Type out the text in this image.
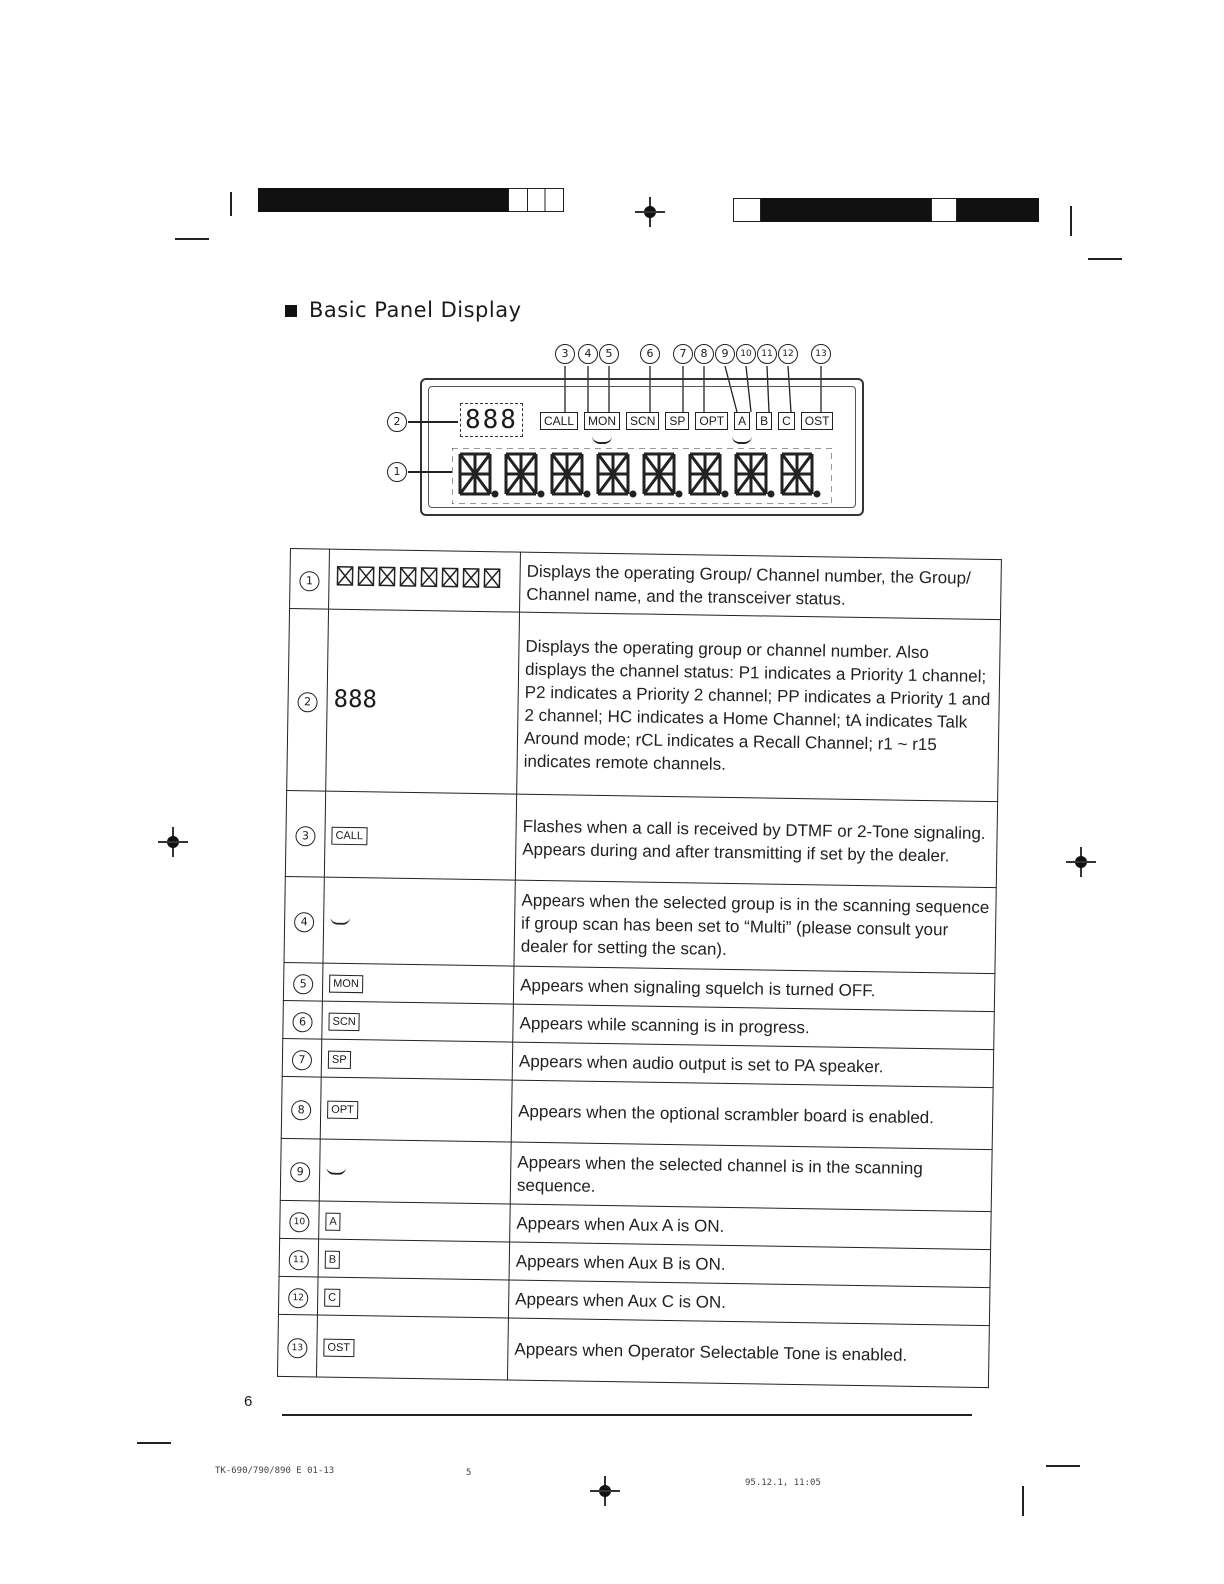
Basic Panel Display
3	4	5	6	7	8	9	10	11	12	13
2
1
888	CALL MON SCN SP OPT A B C OST
1		Displays the operating Group/ Channel number, the Group/ Channel name, and the transceiver status.
2	888	Displays the operating group or channel number. Also displays the channel status: P1 indicates a Priority 1 channel; P2 indicates a Priority 2 channel; PP indicates a Priority 1 and 2 channel; HC indicates a Home Channel; tA indicates Talk Around mode; rCL indicates a Recall Channel; r1 ~ r15 indicates remote channels.
3	CALL	Flashes when a call is received by DTMF or 2-Tone signaling. Appears during and after transmitting if set by the dealer.
4		Appears when the selected group is in the scanning sequence if group scan has been set to “Multi” (please consult your dealer for setting the scan).
5	MON	Appears when signaling squelch is turned OFF.
6	SCN	Appears while scanning is in progress.
7	SP	Appears when audio output is set to PA speaker.
8	OPT	Appears when the optional scrambler board is enabled.
9		Appears when the selected channel is in the scanning sequence.
10	A	Appears when Aux A is ON.
11	B	Appears when Aux B is ON.
12	C	Appears when Aux C is ON.
13	OST	Appears when Operator Selectable Tone is enabled.
6
TK-690/790/890 E 01-13	5
95.12.1, 11:05
